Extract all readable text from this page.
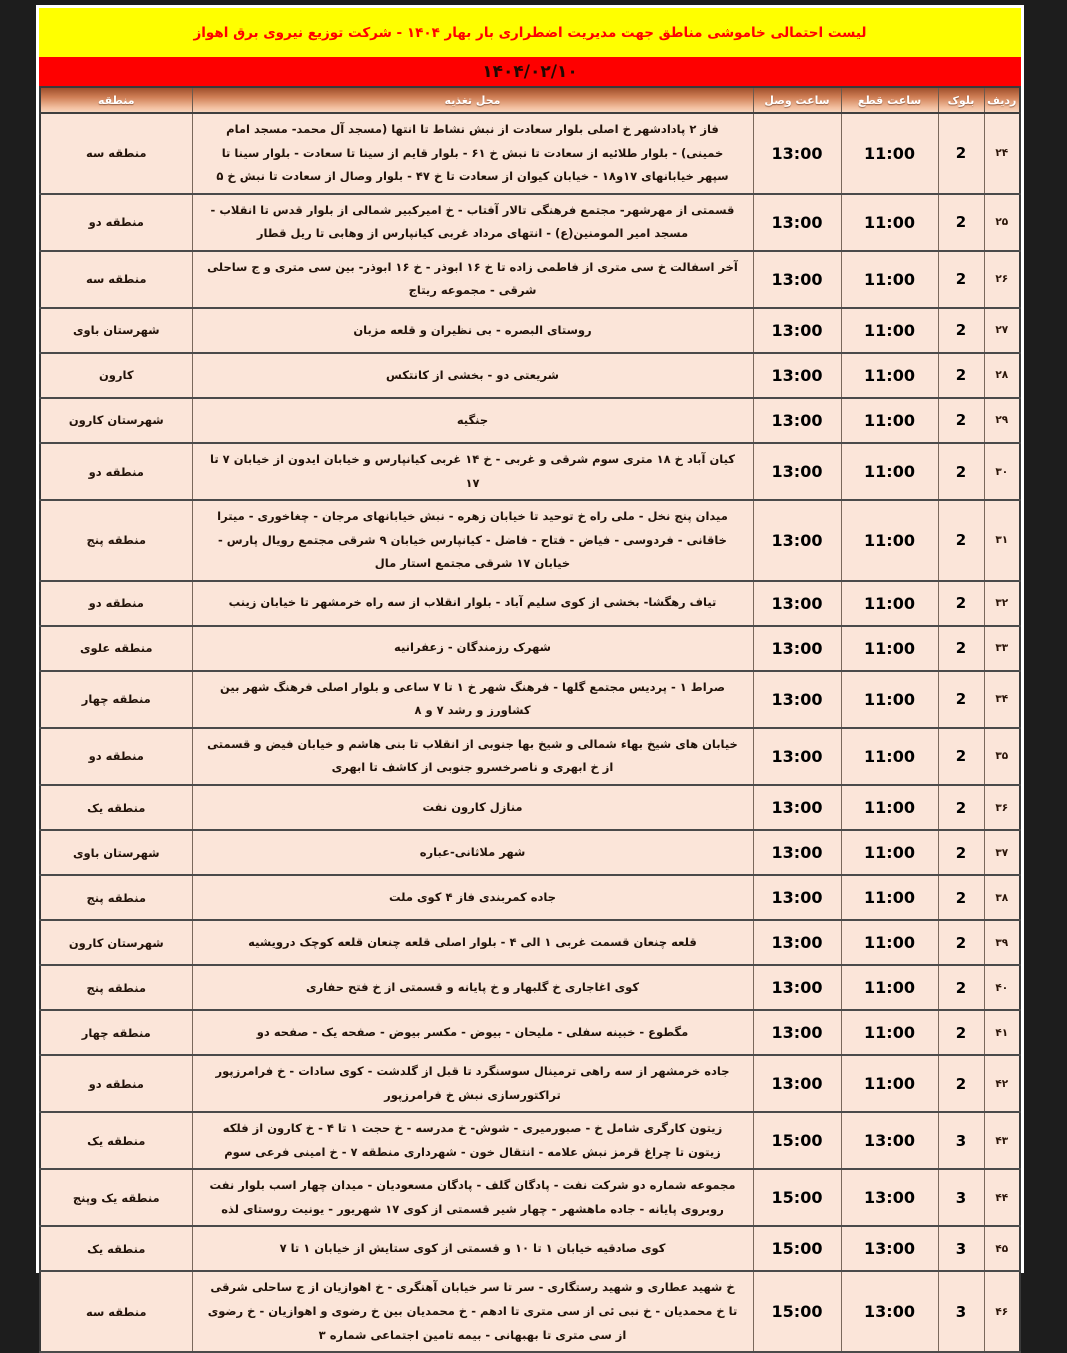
لیست احتمالی خاموشی مناطق جهت مدیریت اضطراری بار بهار ۱۴۰۴ - شرکت توزیع نیروی برق اهواز
۱۴۰۴/۰۲/۱۰
ردیف	بلوک	ساعت قطع	ساعت وصل	محل تغذیه	منطقه
۲۴	2	11:00	13:00	فاز ۲ پادادشهر خ اصلی بلوار سعادت از نبش نشاط تا انتها (مسجد آل محمد- مسجد امام خمینی) - بلوار طلائیه از سعادت تا نبش خ ۶۱ - بلوار قایم از سینا تا سعادت - بلوار سینا تا سپهر خیابانهای ۱۷و۱۸ - خیابان کیوان از سعادت تا خ ۴۷ - بلوار وصال از سعادت تا نبش خ ۵	منطقه سه
۲۵	2	11:00	13:00	قسمتی از مهرشهر- مجتمع فرهنگی تالار آفتاب - خ امیرکبیر شمالی از بلوار قدس تا انقلاب - مسجد امیر المومنین(ع) - انتهای مرداد غربی کیانپارس از وهابی تا ریل قطار	منطقه دو
۲۶	2	11:00	13:00	آخر اسفالت خ سی متری از فاطمی زاده تا خ ۱۶ ابوذر - خ ۱۶ ابوذر- بین سی متری و ج ساحلی شرقی - مجموعه ریتاج	منطقه سه
۲۷	2	11:00	13:00	روستای البصره - بی نظیران و قلعه مزبان	شهرستان باوی
۲۸	2	11:00	13:00	شریعتی دو - بخشی از کانتکس	کارون
۲۹	2	11:00	13:00	جنگیه	شهرستان کارون
۳۰	2	11:00	13:00	کیان آباد خ ۱۸ متری سوم شرقی و غربی - خ ۱۴ غربی کیانپارس و خیابان ایدون از خیابان ۷ تا ۱۷	منطقه دو
۳۱	2	11:00	13:00	میدان پنج نخل - ملی راه خ توحید تا خیابان زهره - نبش خیابانهای مرجان - چغاخوری - میترا خاقانی - فردوسی - فیاض - فتاح - فاضل - کیانپارس خیابان ۹ شرقی مجتمع رویال پارس - خیابان ۱۷ شرقی مجتمع استار مال	منطقه پنج
۳۲	2	11:00	13:00	تیاف رهگشا- بخشی از کوی سلیم آباد - بلوار انقلاب از سه راه خرمشهر تا خیابان زینب	منطقه دو
۳۳	2	11:00	13:00	شهرک رزمندگان - زعفرانیه	منطقه علوی
۳۴	2	11:00	13:00	صراط ۱ - پردیس مجتمع گلها - فرهنگ شهر خ ۱ تا ۷ ساعی و بلوار اصلی فرهنگ شهر بین کشاورز و رشد ۷ و ۸	منطقه چهار
۳۵	2	11:00	13:00	خیابان های شیخ بهاء شمالی و شیخ بها جنوبی از انقلاب تا بنی هاشم و خیابان فیض و قسمتی از خ ابهری و ناصرخسرو جنوبی از کاشف تا ابهری	منطقه دو
۳۶	2	11:00	13:00	منازل کارون نفت	منطقه یک
۳۷	2	11:00	13:00	شهر ملاثانی-عباره	شهرستان باوی
۳۸	2	11:00	13:00	جاده کمربندی فاز ۴ کوی ملت	منطقه پنج
۳۹	2	11:00	13:00	قلعه چنعان قسمت غربی ۱ الی ۴ - بلوار اصلی قلعه چنعان قلعه کوچک درویشیه	شهرستان کارون
۴۰	2	11:00	13:00	کوی اغاجاری خ گلبهار و خ پایانه و قسمتی از خ فتح حفاری	منطقه پنج
۴۱	2	11:00	13:00	مگطوع - خبینه سفلی - ملیحان - بیوض - مکسر بیوض - صفحه یک - صفحه دو	منطقه چهار
۴۲	2	11:00	13:00	جاده خرمشهر از سه راهی ترمینال سوسنگرد تا قبل از گلدشت - کوی سادات - خ فرامرزپور تراکتورسازی نبش خ فرامرزپور	منطقه دو
۴۳	3	13:00	15:00	زیتون کارگری شامل خ - صبورمیری - شوش- خ مدرسه - خ حجت ۱ تا ۴ - خ کارون از فلکه زیتون تا چراغ قرمز نبش علامه - انتقال خون - شهرداری منطقه ۷ - خ امینی فرعی سوم	منطقه یک
۴۴	3	13:00	15:00	مجموعه شماره دو شرکت نفت - پادگان گلف - پادگان مسعودیان - میدان چهار اسب بلوار نفت روبروی پایانه - جاده ماهشهر - چهار شیر قسمتی از کوی ۱۷ شهریور - یونیت روستای لذه	منطقه یک وپنج
۴۵	3	13:00	15:00	کوی صادقیه خیابان ۱ تا ۱۰ و قسمتی از کوی ستایش از خیابان ۱ تا ۷	منطقه یک
۴۶	3	13:00	15:00	خ شهید عطاری و شهید رستگاری - سر تا سر خیابان آهنگری - خ اهوازیان از ج ساحلی شرقی تا خ محمدیان - خ نبی ئی از سی متری تا ادهم - خ محمدیان بین خ رضوی و اهوازیان - خ رضوی از سی متری تا بهبهانی - بیمه تامین اجتماعی شماره ۳	منطقه سه
